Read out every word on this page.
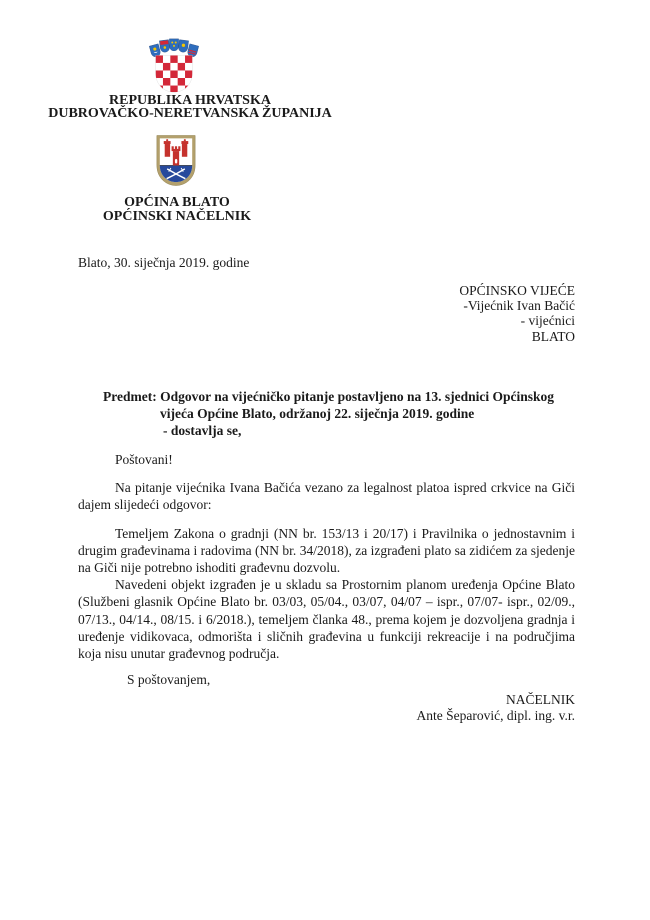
REPUBLIKA HRVATSKA
DUBROVAČKO-NERETVANSKA ŽUPANIJA
OPĆINA BLATO
OPĆINSKI NAČELNIK
Blato, 30. siječnja 2019. godine
OPĆINSKO VIJEĆE
-Vijećnik Ivan Bačić
- vijećnici
BLATO
Predmet: Odgovor na vijećničko pitanje postavljeno na 13. sjednici Općinskog
vijeća Općine Blato, održanoj 22. siječnja 2019. godine
- dostavlja se,

Poštovani!

Na pitanje vijećnika Ivana Bačića vezano za legalnost platoa ispred crkvice na Giči dajem slijedeći odgovor:

Temeljem Zakona o gradnji (NN br. 153/13 i 20/17) i Pravilnika o jednostavnim i drugim građevinama i radovima (NN br. 34/2018), za izgrađeni plato sa zidićem za sjedenje na Giči nije potrebno ishoditi građevnu dozvolu.

Navedeni objekt izgrađen je u skladu sa Prostornim planom uređenja Općine Blato (Službeni glasnik Općine Blato br. 03/03, 05/04., 03/07, 04/07 – ispr., 07/07- ispr., 02/09., 07/13., 04/14., 08/15. i 6/2018.), temeljem članka 48., prema kojem je dozvoljena gradnja i uređenje vidikovaca, odmorišta i sličnih građevina u funkciji rekreacije i na područjima koja nisu unutar građevnog područja.

S poštovanjem,

NAČELNIK
Ante Šeparović, dipl. ing. v.r.
